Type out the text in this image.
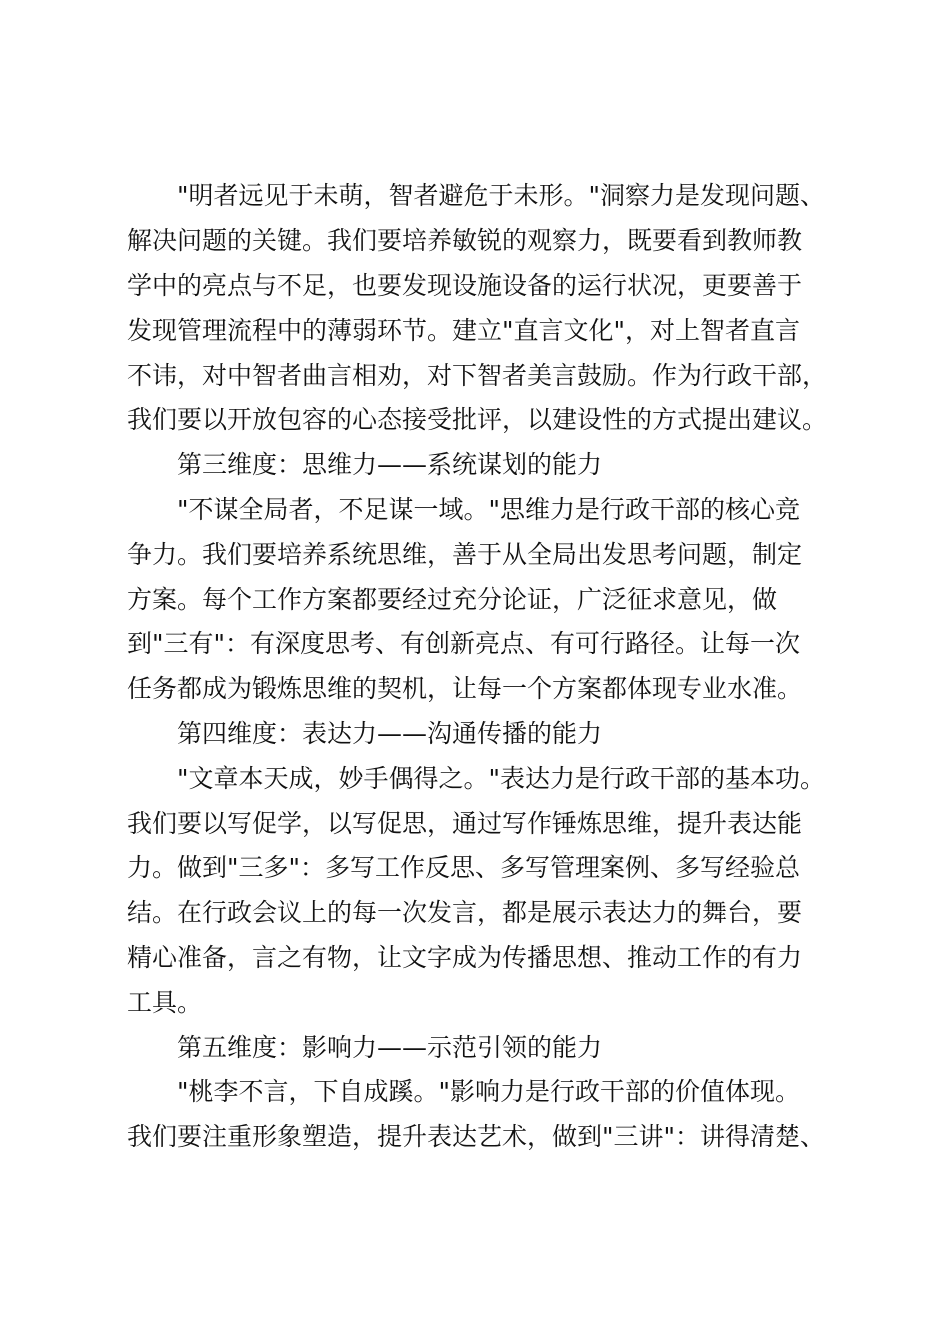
"明者远见于未萌，智者避危于未形。"洞察力是发现问题、
解决问题的关键。我们要培养敏锐的观察力，既要看到教师教
学中的亮点与不足，也要发现设施设备的运行状况，更要善于
发现管理流程中的薄弱环节。建立"直言文化"，对上智者直言
不讳，对中智者曲言相劝，对下智者美言鼓励。作为行政干部，
我们要以开放包容的心态接受批评，以建设性的方式提出建议。
第三维度：思维力——系统谋划的能力
"不谋全局者，不足谋一域。"思维力是行政干部的核心竞
争力。我们要培养系统思维，善于从全局出发思考问题，制定
方案。每个工作方案都要经过充分论证，广泛征求意见，做
到"三有"：有深度思考、有创新亮点、有可行路径。让每一次
任务都成为锻炼思维的契机，让每一个方案都体现专业水准。
第四维度：表达力——沟通传播的能力
"文章本天成，妙手偶得之。"表达力是行政干部的基本功。
我们要以写促学，以写促思，通过写作锤炼思维，提升表达能
力。做到"三多"：多写工作反思、多写管理案例、多写经验总
结。在行政会议上的每一次发言，都是展示表达力的舞台，要
精心准备，言之有物，让文字成为传播思想、推动工作的有力
工具。
第五维度：影响力——示范引领的能力
"桃李不言，下自成蹊。"影响力是行政干部的价值体现。
我们要注重形象塑造，提升表达艺术，做到"三讲"：讲得清楚、
